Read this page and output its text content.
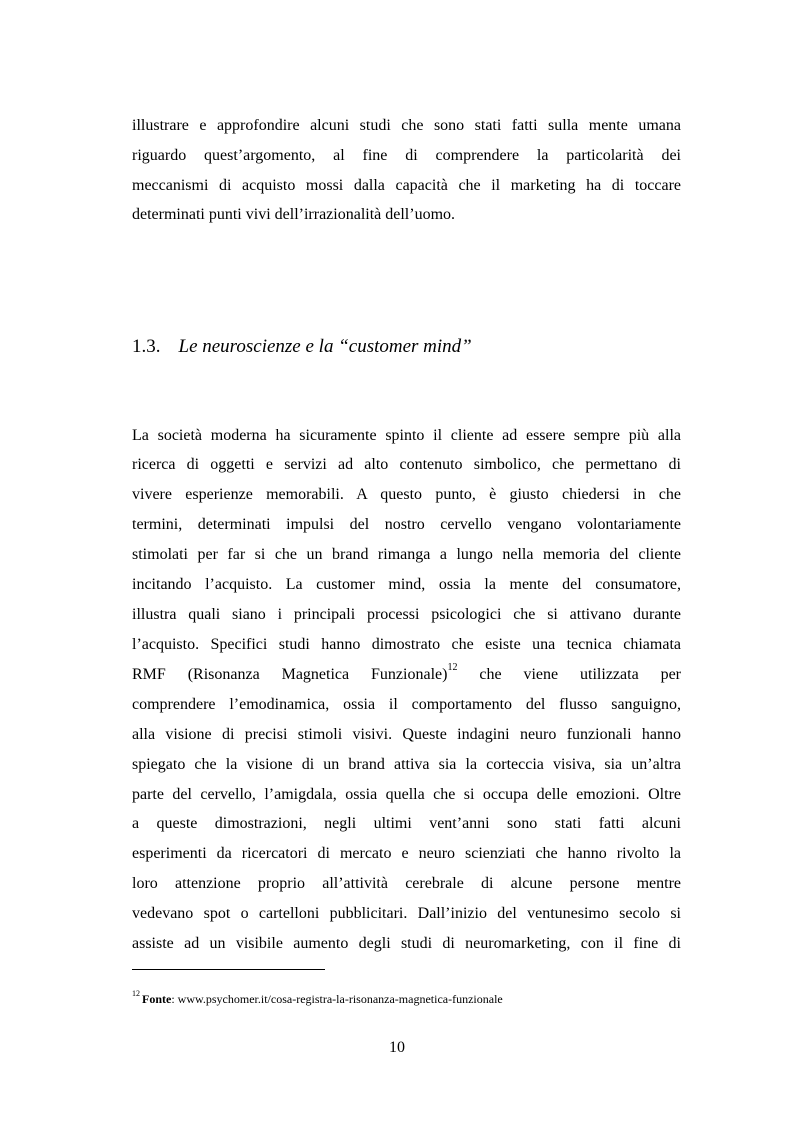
illustrare e approfondire alcuni studi che sono stati fatti sulla mente umana
riguardo quest’argomento, al fine di comprendere la particolarità dei
meccanismi di acquisto mossi dalla capacità che il marketing ha di toccare
determinati punti vivi dell’irrazionalità dell’uomo.
1.3. Le neuroscienze e la “customer mind”
La società moderna ha sicuramente spinto il cliente ad essere sempre più alla
ricerca di oggetti e servizi ad alto contenuto simbolico, che permettano di
vivere esperienze memorabili. A questo punto, è giusto chiedersi in che
termini, determinati impulsi del nostro cervello vengano volontariamente
stimolati per far si che un brand rimanga a lungo nella memoria del cliente
incitando l’acquisto. La customer mind, ossia la mente del consumatore,
illustra quali siano i principali processi psicologici che si attivano durante
l’acquisto. Specifici studi hanno dimostrato che esiste una tecnica chiamata
RMF (Risonanza Magnetica Funzionale)$^{12}$ che viene utilizzata per
comprendere l’emodinamica, ossia il comportamento del flusso sanguigno,
alla visione di precisi stimoli visivi. Queste indagini neuro funzionali hanno
spiegato che la visione di un brand attiva sia la corteccia visiva, sia un’altra
parte del cervello, l’amigdala, ossia quella che si occupa delle emozioni. Oltre
a queste dimostrazioni, negli ultimi vent’anni sono stati fatti alcuni
esperimenti da ricercatori di mercato e neuro scienziati che hanno rivolto la
loro attenzione proprio all’attività cerebrale di alcune persone mentre
vedevano spot o cartelloni pubblicitari. Dall’inizio del ventunesimo secolo si
assiste ad un visibile aumento degli studi di neuromarketing, con il fine di
$^{12}$ Fonte: www.psychomer.it/cosa-registra-la-risonanza-magnetica-funzionale
10
